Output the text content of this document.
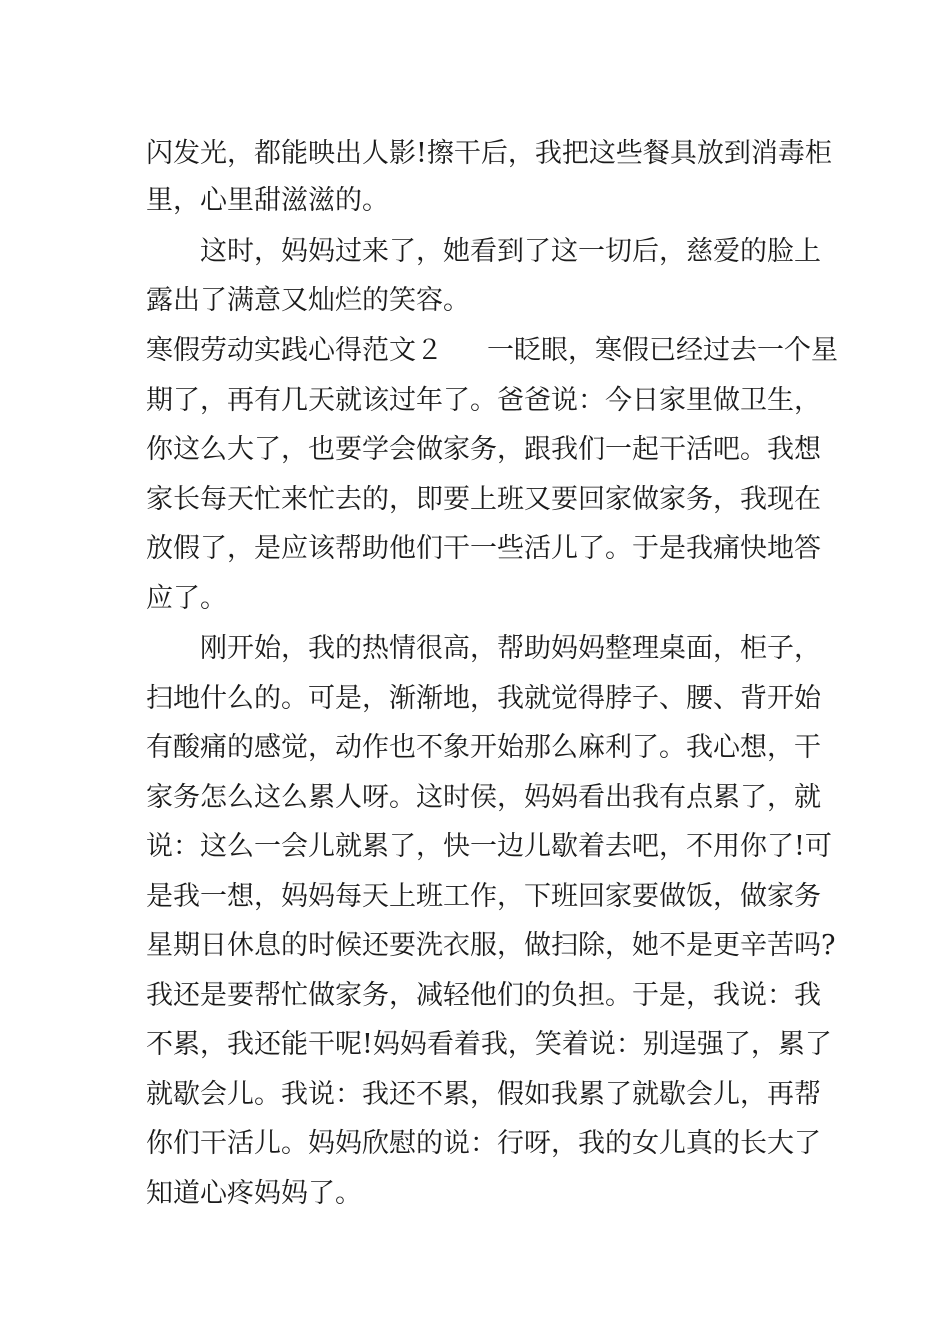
闪发光，都能映出人影!擦干后，我把这些餐具放到消毒柜
里，心里甜滋滋的。
　　这时，妈妈过来了，她看到了这一切后，慈爱的脸上
露出了满意又灿烂的笑容。
寒假劳动实践心得范文２ 一眨眼，寒假已经过去一个星
期了，再有几天就该过年了。爸爸说：今日家里做卫生，
你这么大了，也要学会做家务，跟我们一起干活吧。我想
家长每天忙来忙去的，即要上班又要回家做家务，我现在
放假了，是应该帮助他们干一些活儿了。于是我痛快地答
应了。
　　刚开始，我的热情很高，帮助妈妈整理桌面，柜子，
扫地什么的。可是，渐渐地，我就觉得脖子、腰、背开始
有酸痛的感觉，动作也不象开始那么麻利了。我心想，干
家务怎么这么累人呀。这时侯，妈妈看出我有点累了，就
说：这么一会儿就累了，快一边儿歇着去吧，不用你了!可
是我一想，妈妈每天上班工作，下班回家要做饭，做家务
星期日休息的时候还要洗衣服，做扫除，她不是更辛苦吗?
我还是要帮忙做家务，减轻他们的负担。于是，我说：我
不累，我还能干呢!妈妈看着我，笑着说：别逞强了，累了
就歇会儿。我说：我还不累，假如我累了就歇会儿，再帮
你们干活儿。妈妈欣慰的说：行呀，我的女儿真的长大了
知道心疼妈妈了。
